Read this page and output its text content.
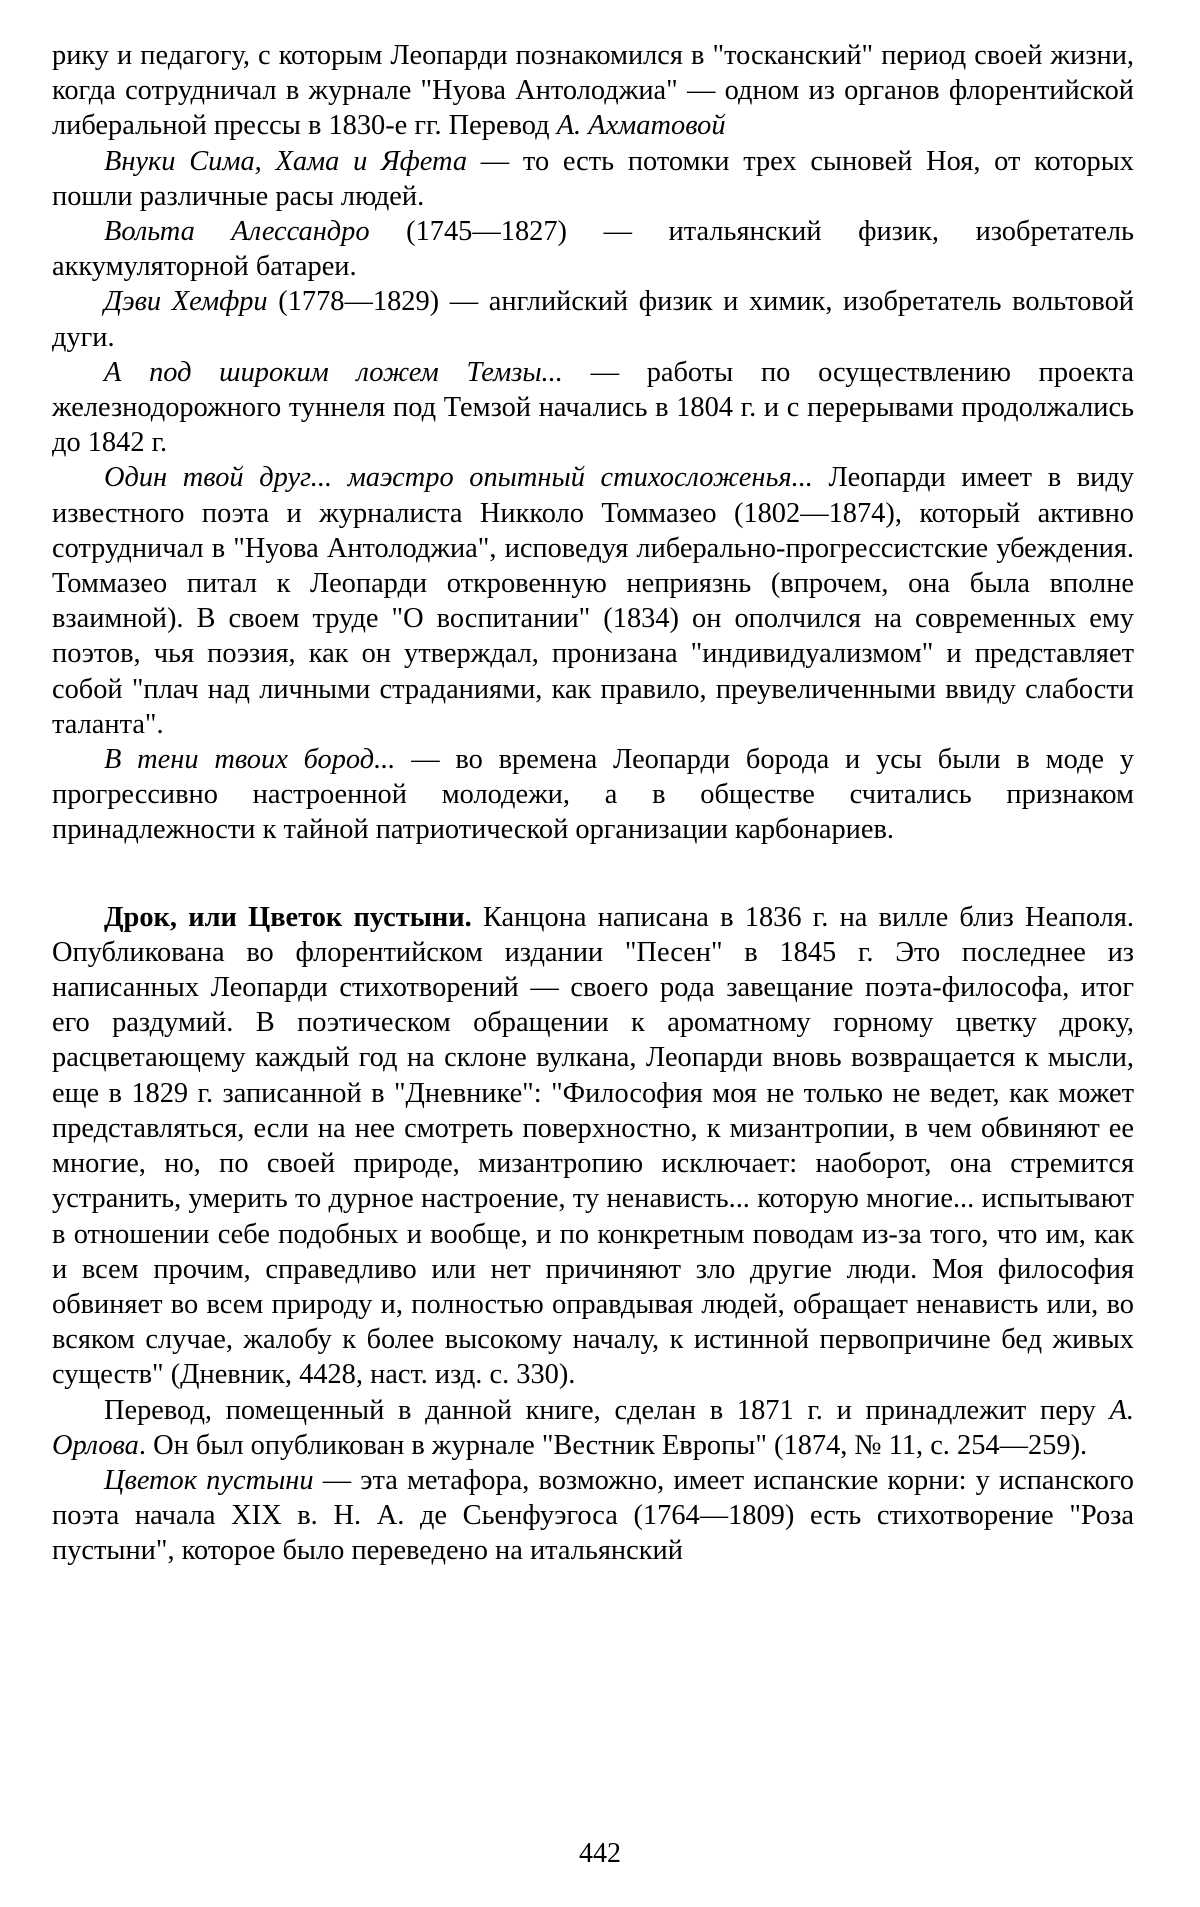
рику и педагогу, с которым Леопарди познакомился в "тосканский" период своей жизни, когда сотрудничал в журнале "Нуова Антолоджиа" — одном из органов флорентийской либеральной прессы в 1830-е гг. Перевод А. Ахматовой

Внуки Сима, Хама и Яфета — то есть потомки трех сыновей Ноя, от которых пошли различные расы людей.

Вольта Алессандро (1745—1827) — итальянский физик, изобретатель аккумуляторной батареи.

Дэви Хемфри (1778—1829) — английский физик и химик, изобретатель вольтовой дуги.

А под широким ложем Темзы... — работы по осуществлению проекта железнодорожного туннеля под Темзой начались в 1804 г. и с перерывами продолжались до 1842 г.

Один твой друг... маэстро опытный стихосложенья... Леопарди имеет в виду известного поэта и журналиста Никколо Томмазео (1802—1874), который активно сотрудничал в "Нуова Антолоджиа", исповедуя либерально-прогрессистские убеждения. Томмазео питал к Леопарди откровенную неприязнь (впрочем, она была вполне взаимной). В своем труде "О воспитании" (1834) он ополчился на современных ему поэтов, чья поэзия, как он утверждал, пронизана "индивидуализмом" и представляет собой "плач над личными страданиями, как правило, преувеличенными ввиду слабости таланта".

В тени твоих бород... — во времена Леопарди борода и усы были в моде у прогрессивно настроенной молодежи, а в обществе считались признаком принадлежности к тайной патриотической организации карбонариев.

Дрок, или Цветок пустыни. Канцона написана в 1836 г. на вилле близ Неаполя. Опубликована во флорентийском издании "Песен" в 1845 г. Это последнее из написанных Леопарди стихотворений — своего рода завещание поэта-философа, итог его раздумий. В поэтическом обращении к ароматному горному цветку дроку, расцветающему каждый год на склоне вулкана, Леопарди вновь возвращается к мысли, еще в 1829 г. записанной в "Дневнике": "Философия моя не только не ведет, как может представляться, если на нее смотреть поверхностно, к мизантропии, в чем обвиняют ее многие, но, по своей природе, мизантропию исключает: наоборот, она стремится устранить, умерить то дурное настроение, ту ненависть... которую многие... испытывают в отношении себе подобных и вообще, и по конкретным поводам из-за того, что им, как и всем прочим, справедливо или нет причиняют зло другие люди. Моя философия обвиняет во всем природу и, полностью оправдывая людей, обращает ненависть или, во всяком случае, жалобу к более высокому началу, к истинной первопричине бед живых существ" (Дневник, 4428, наст. изд. с. 330).

Перевод, помещенный в данной книге, сделан в 1871 г. и принадлежит перу А. Орлова. Он был опубликован в журнале "Вестник Европы" (1874, № 11, с. 254—259).

Цветок пустыни — эта метафора, возможно, имеет испанские корни: у испанского поэта начала XIX в. Н. А. де Сьенфуэгоса (1764—1809) есть стихотворение "Роза пустыни", которое было переведено на итальянский

442
